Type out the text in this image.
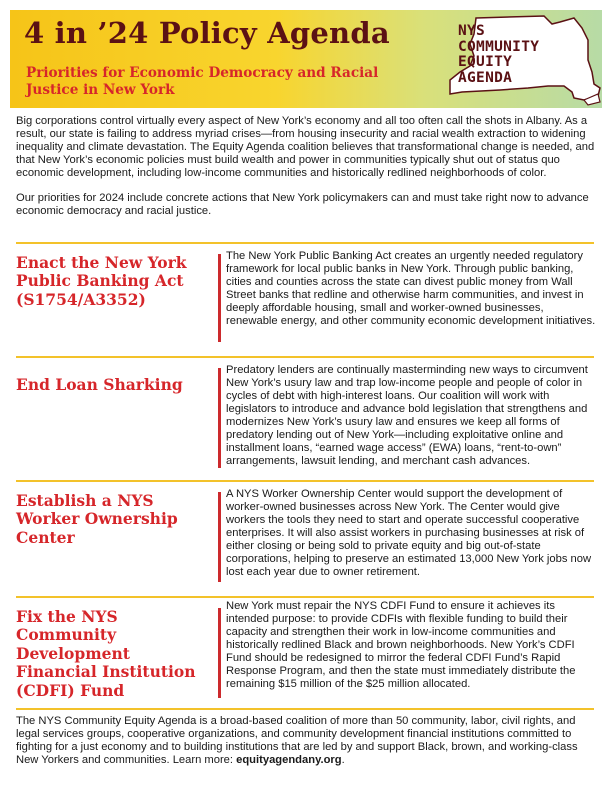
4 in ’24 Policy Agenda
Priorities for Economic Democracy and Racial Justice in New York
NYS
COMMUNITY
EQUITY
AGENDA

Big corporations control virtually every aspect of New York’s economy and all too often call the shots in Albany. As a result, our state is failing to address myriad crises—from housing insecurity and racial wealth extraction to widening inequality and climate devastation. The Equity Agenda coalition believes that transformational change is needed, and that New York’s economic policies must build wealth and power in communities typically shut out of status quo economic development, including low-income communities and historically redlined neighborhoods of color.

Our priorities for 2024 include concrete actions that New York policymakers can and must take right now to advance economic democracy and racial justice.

Enact the New York Public Banking Act (S1754/A3352)
The New York Public Banking Act creates an urgently needed regulatory framework for local public banks in New York. Through public banking, cities and counties across the state can divest public money from Wall Street banks that redline and otherwise harm communities, and invest in deeply affordable housing, small and worker-owned businesses, renewable energy, and other community economic development initiatives.
End Loan Sharking
Predatory lenders are continually masterminding new ways to circumvent New York’s usury law and trap low-income people and people of color in cycles of debt with high-interest loans. Our coalition will work with legislators to introduce and advance bold legislation that strengthens and modernizes New York’s usury law and ensures we keep all forms of predatory lending out of New York—including exploitative online and installment loans, “earned wage access” (EWA) loans, “rent-to-own” arrangements, lawsuit lending, and merchant cash advances.
Establish a NYS Worker Ownership Center
A NYS Worker Ownership Center would support the development of worker-owned businesses across New York. The Center would give workers the tools they need to start and operate successful cooperative enterprises. It will also assist workers in purchasing businesses at risk of either closing or being sold to private equity and big out-of-state corporations, helping to preserve an estimated 13,000 New York jobs now lost each year due to owner retirement.
Fix the NYS Community Development Financial Institution (CDFI) Fund
New York must repair the NYS CDFI Fund to ensure it achieves its intended purpose: to provide CDFIs with flexible funding to build their capacity and strengthen their work in low-income communities and historically redlined Black and brown neighborhoods. New York’s CDFI Fund should be redesigned to mirror the federal CDFI Fund’s Rapid Response Program, and then the state must immediately distribute the remaining $15 million of the $25 million allocated.
The NYS Community Equity Agenda is a broad-based coalition of more than 50 community, labor, civil rights, and legal services groups, cooperative organizations, and community development financial institutions committed to fighting for a just economy and to building institutions that are led by and support Black, brown, and working-class New Yorkers and communities. Learn more: equityagendany.org.
